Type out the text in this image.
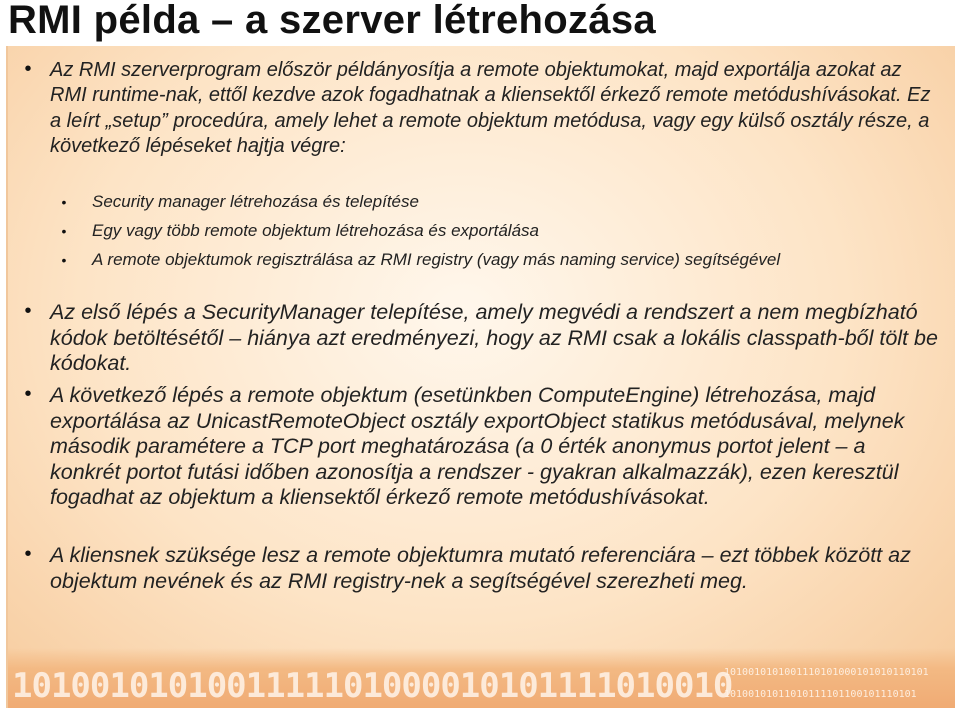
RMI példa – a szerver létrehozása
1010010101001111101000010101111010010
1010010101001110101000101010110101
10100101011010111101100101110101
• Az RMI szerverprogram először példányosítja a remote objektumokat, majd exportálja azokat az RMI runtime-nak, ettől kezdve azok fogadhatnak a kliensektől érkező remote metódushívásokat. Ez a leírt „setup” procedúra, amely lehet a remote objektum metódusa, vagy egy külső osztály része, a következő lépéseket hajtja végre:
• Security manager létrehozása és telepítése
• Egy vagy több remote objektum létrehozása és exportálása
• A remote objektumok regisztrálása az RMI registry (vagy más naming service) segítségével
• Az első lépés a SecurityManager telepítése, amely megvédi a rendszert a nem megbízható kódok betöltésétől – hiánya azt eredményezi, hogy az RMI csak a lokális classpath-ből tölt be kódokat.
• A következő lépés a remote objektum (esetünkben ComputeEngine) létrehozása, majd exportálása az UnicastRemoteObject osztály exportObject statikus metódusával, melynek második paramétere a TCP port meghatározása (a 0 érték anonymus portot jelent – a konkrét portot futási időben azonosítja a rendszer - gyakran alkalmazzák), ezen keresztül fogadhat az objektum a kliensektől érkező remote metódushívásokat.
• A kliensnek szüksége lesz a remote objektumra mutató referenciára – ezt többek között az objektum nevének és az RMI registry-nek a segítségével szerezheti meg.
